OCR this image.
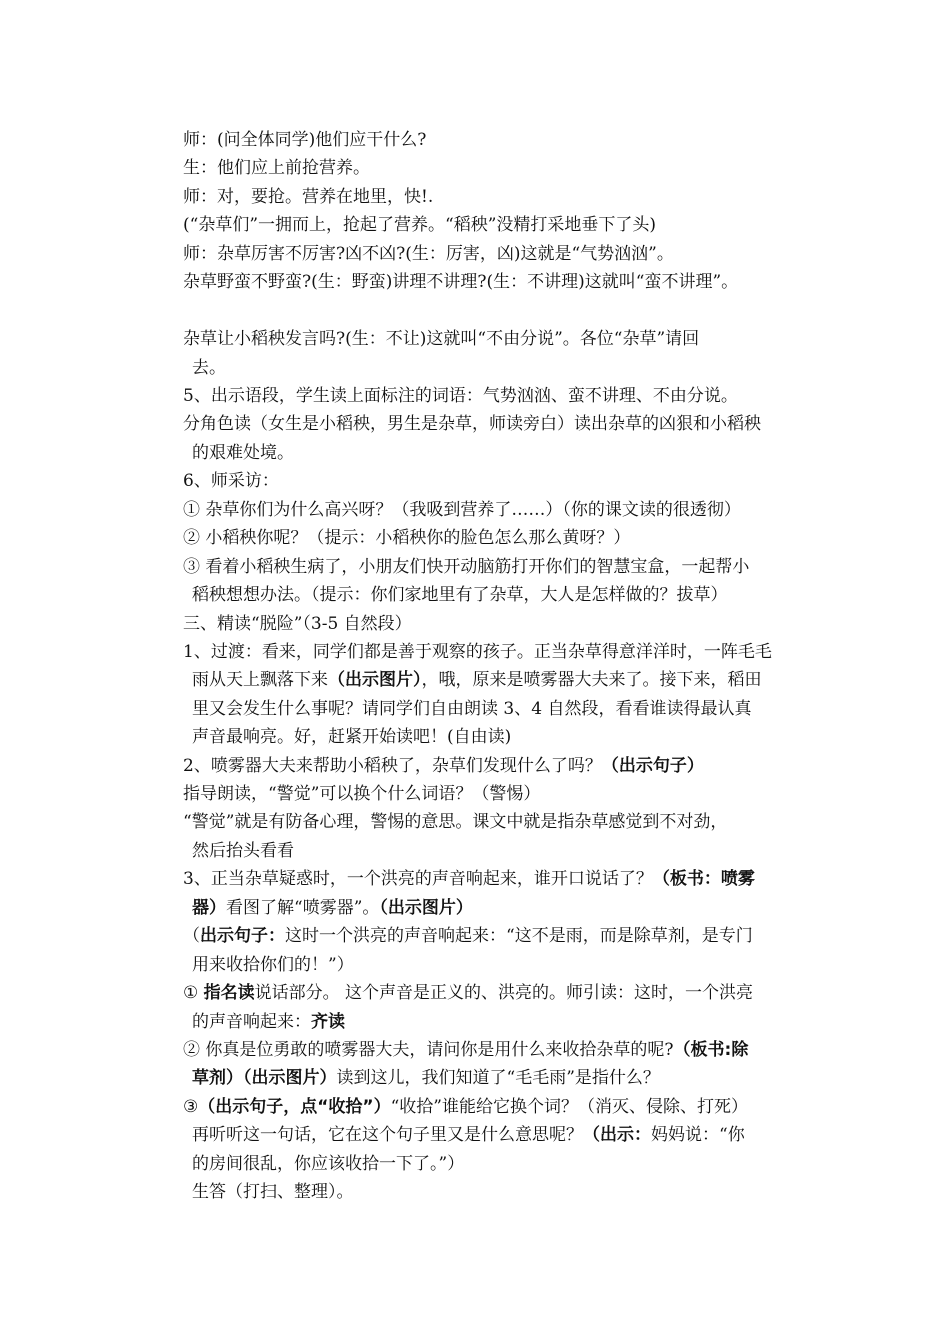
师：(问全体同学)他们应干什么?
生：他们应上前抢营养。
师：对，要抢。营养在地里，快!.
(“杂草们”一拥而上，抢起了营养。“稻秧”没精打采地垂下了头)
师：杂草厉害不厉害?凶不凶?(生：厉害，凶)这就是“气势汹汹”。
杂草野蛮不野蛮?(生：野蛮)讲理不讲理?(生：不讲理)这就叫“蛮不讲理”。
杂草让小稻秧发言吗?(生：不让)这就叫“不由分说”。各位“杂草”请回
去。
5、出示语段，学生读上面标注的词语：气势汹汹、蛮不讲理、不由分说。
分角色读（女生是小稻秧，男生是杂草，师读旁白）读出杂草的凶狠和小稻秧
的艰难处境。
6、师采访：
① 杂草你们为什么高兴呀？（我吸到营养了……）（你的课文读的很透彻）
② 小稻秧你呢？（提示：小稻秧你的脸色怎么那么黄呀？）
③ 看着小稻秧生病了，小朋友们快开动脑筋打开你们的智慧宝盒，一起帮小
稻秧想想办法。（提示：你们家地里有了杂草，大人是怎样做的？拔草）
三、精读“脱险”（3-5 自然段）
1、过渡：看来，同学们都是善于观察的孩子。正当杂草得意洋洋时，一阵毛毛
雨从天上飘落下来（出示图片），哦，原来是喷雾器大夫来了。接下来，稻田
里又会发生什么事呢？请同学们自由朗读 3、4 自然段，看看谁读得最认真
声音最响亮。好，赶紧开始读吧！(自由读)
2、喷雾器大夫来帮助小稻秧了，杂草们发现什么了吗？（出示句子）
指导朗读，“警觉”可以换个什么词语？（警惕）
“警觉”就是有防备心理，警惕的意思。课文中就是指杂草感觉到不对劲，
然后抬头看看
3、正当杂草疑惑时，一个洪亮的声音响起来，谁开口说话了？（板书：喷雾
器）看图了解“喷雾器”。（出示图片）
（出示句子：这时一个洪亮的声音响起来：“这不是雨，而是除草剂，是专门
用来收拾你们的！”）
① 指名读说话部分。 这个声音是正义的、洪亮的。师引读：这时，一个洪亮
的声音响起来：齐读
② 你真是位勇敢的喷雾器大夫，请问你是用什么来收拾杂草的呢?（板书:除
草剂）（出示图片）读到这儿，我们知道了“毛毛雨”是指什么？
③（出示句子，点“收拾”）“收拾”谁能给它换个词？（消灭、侵除、打死）
再听听这一句话，它在这个句子里又是什么意思呢？（出示：妈妈说：“你
的房间很乱，你应该收拾一下了。”）
生答（打扫、整理）。
